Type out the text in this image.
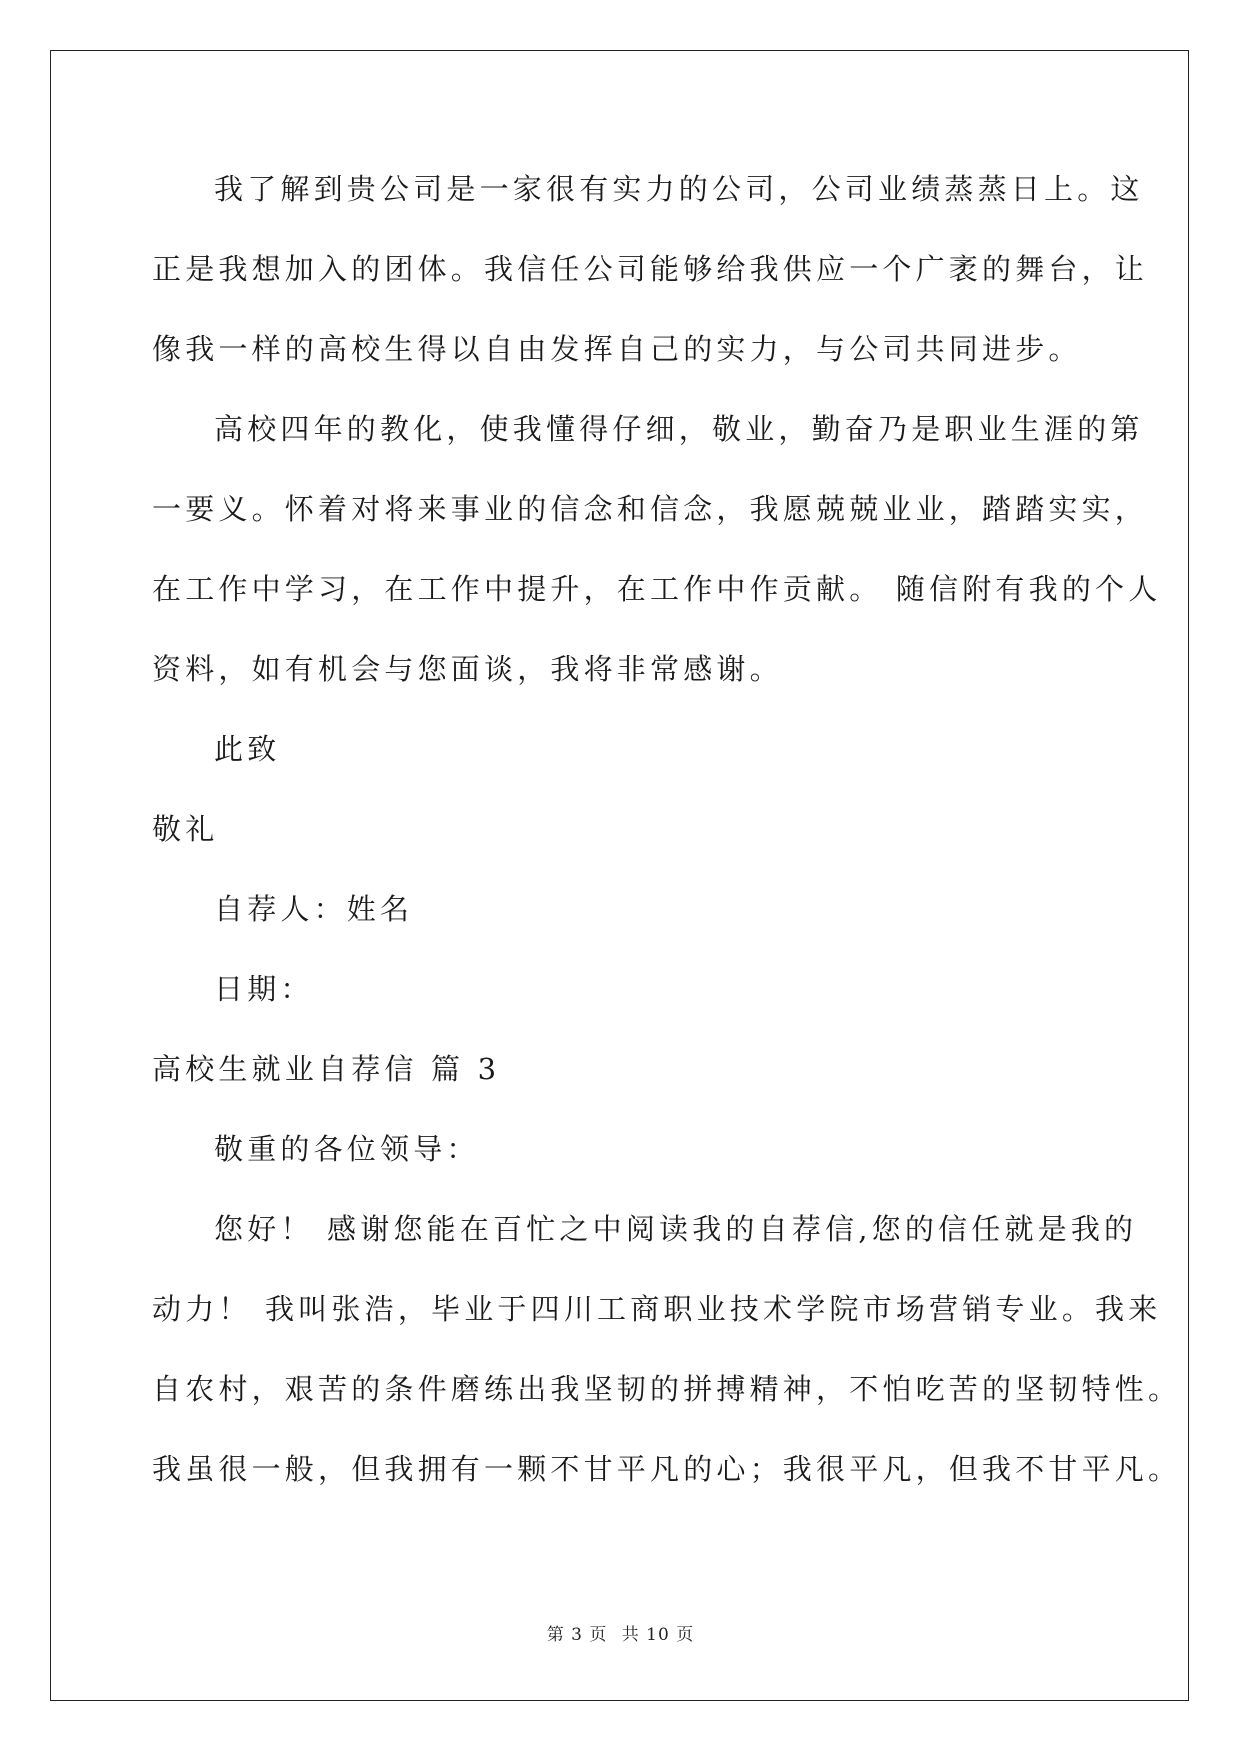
我了解到贵公司是一家很有实力的公司，公司业绩蒸蒸日上。这
正是我想加入的团体。我信任公司能够给我供应一个广袤的舞台，让
像我一样的高校生得以自由发挥自己的实力，与公司共同进步。
高校四年的教化，使我懂得仔细，敬业，勤奋乃是职业生涯的第
一要义。怀着对将来事业的信念和信念，我愿兢兢业业，踏踏实实，
在工作中学习，在工作中提升，在工作中作贡献。 随信附有我的个人
资料，如有机会与您面谈，我将非常感谢。
此致
敬礼
自荐人：姓名
日期：
高校生就业自荐信 篇 3
敬重的各位领导：
您好！ 感谢您能在百忙之中阅读我的自荐信,您的信任就是我的
动力！ 我叫张浩，毕业于四川工商职业技术学院市场营销专业。我来
自农村，艰苦的条件磨练出我坚韧的拼搏精神，不怕吃苦的坚韧特性。
我虽很一般，但我拥有一颗不甘平凡的心；我很平凡，但我不甘平凡。
第 3 页 共 10 页
